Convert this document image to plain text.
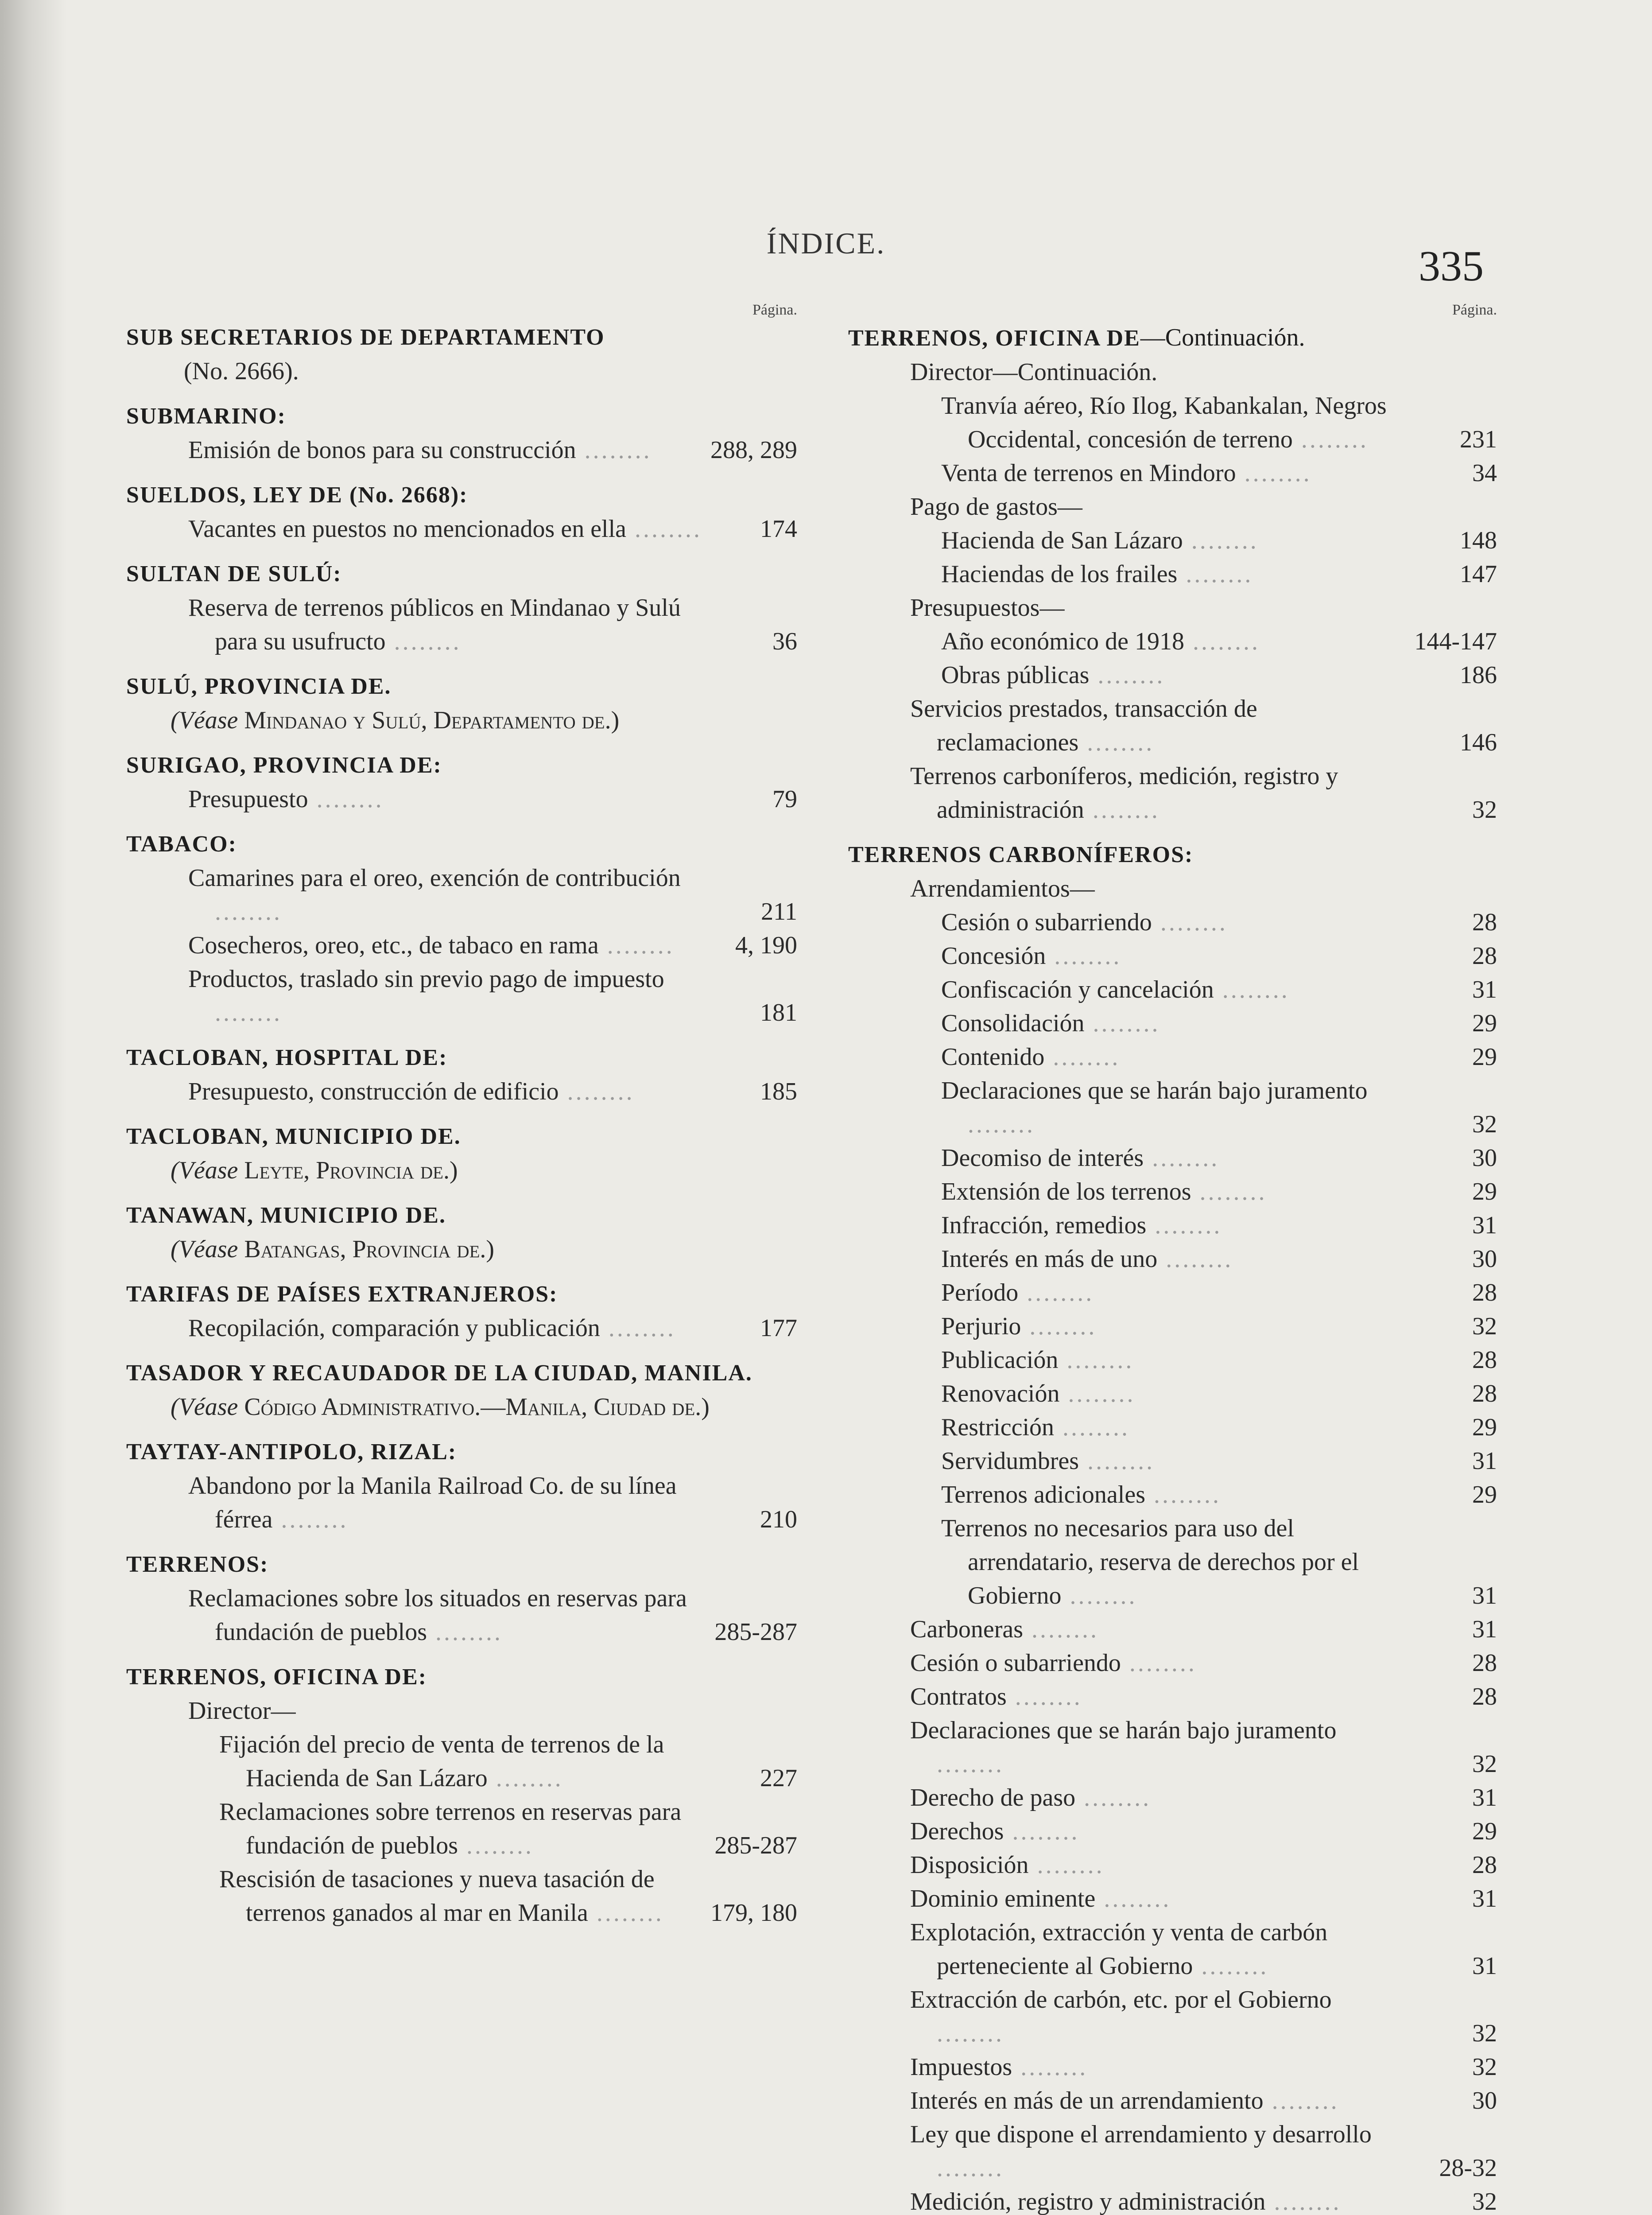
ÍNDICE.	335
Página.
SUB SECRETARIOS DE DEPARTAMENTO
(No. 2666).
SUBMARINO:
Emisión de bonos para su construcción ........	288, 289
SUELDOS, LEY DE (No. 2668):
Vacantes en puestos no mencionados en ella ........	174
SULTAN DE SULÚ:
Reserva de terrenos públicos en Mindanao y Sulú para su usufructo ........	36
SULÚ, PROVINCIA DE.
(Véase Mindanao y Sulú, Departamento de.)
SURIGAO, PROVINCIA DE:
Presupuesto ........	79
TABACO:
Camarines para el oreo, exención de contribución ........	211
Cosecheros, oreo, etc., de tabaco en rama ........	4, 190
Productos, traslado sin previo pago de impuesto ........	181
TACLOBAN, HOSPITAL DE:
Presupuesto, construcción de edificio ........	185
TACLOBAN, MUNICIPIO DE.
(Véase Leyte, Provincia de.)
TANAWAN, MUNICIPIO DE.
(Véase Batangas, Provincia de.)
TARIFAS DE PAÍSES EXTRANJEROS:
Recopilación, comparación y publicación ........	177
TASADOR Y RECAUDADOR DE LA CIUDAD, MANILA.
(Véase Código Administrativo.—Manila, Ciudad de.)
TAYTAY-ANTIPOLO, RIZAL:
Abandono por la Manila Railroad Co. de su línea férrea ........	210
TERRENOS:
Reclamaciones sobre los situados en reservas para fundación de pueblos ........	285-287
TERRENOS, OFICINA DE:
Director—
Fijación del precio de venta de terrenos de la Hacienda de San Lázaro ........	227
Reclamaciones sobre terrenos en reservas para fundación de pueblos ........	285-287
Rescisión de tasaciones y nueva tasación de terrenos ganados al mar en Manila ........	179, 180
Página.
TERRENOS, OFICINA DE—Continuación.
Director—Continuación.
Tranvía aéreo, Río Ilog, Kabankalan, Negros Occidental, concesión de terreno ........	231
Venta de terrenos en Mindoro ........	34
Pago de gastos—
Hacienda de San Lázaro ........	148
Haciendas de los frailes ........	147
Presupuestos—
Año económico de 1918 ........	144-147
Obras públicas ........	186
Servicios prestados, transacción de reclamaciones ........	146
Terrenos carboníferos, medición, registro y administración ........	32
TERRENOS CARBONÍFEROS:
Arrendamientos—
Cesión o subarriendo ........	28
Concesión ........	28
Confiscación y cancelación ........	31
Consolidación ........	29
Contenido ........	29
Declaraciones que se harán bajo juramento ........	32
Decomiso de interés ........	30
Extensión de los terrenos ........	29
Infracción, remedios ........	31
Interés en más de uno ........	30
Período ........	28
Perjurio ........	32
Publicación ........	28
Renovación ........	28
Restricción ........	29
Servidumbres ........	31
Terrenos adicionales ........	29
Terrenos no necesarios para uso del arrendatario, reserva de derechos por el Gobierno ........	31
Carboneras ........	31
Cesión o subarriendo ........	28
Contratos ........	28
Declaraciones que se harán bajo juramento ........	32
Derecho de paso ........	31
Derechos ........	29
Disposición ........	28
Dominio eminente ........	31
Explotación, extracción y venta de carbón perteneciente al Gobierno ........	31
Extracción de carbón, etc. por el Gobierno ........	32
Impuestos ........	32
Interés en más de un arrendamiento ........	30
Ley que dispone el arrendamiento y desarrollo ........	28-32
Medición, registro y administración ........	32
